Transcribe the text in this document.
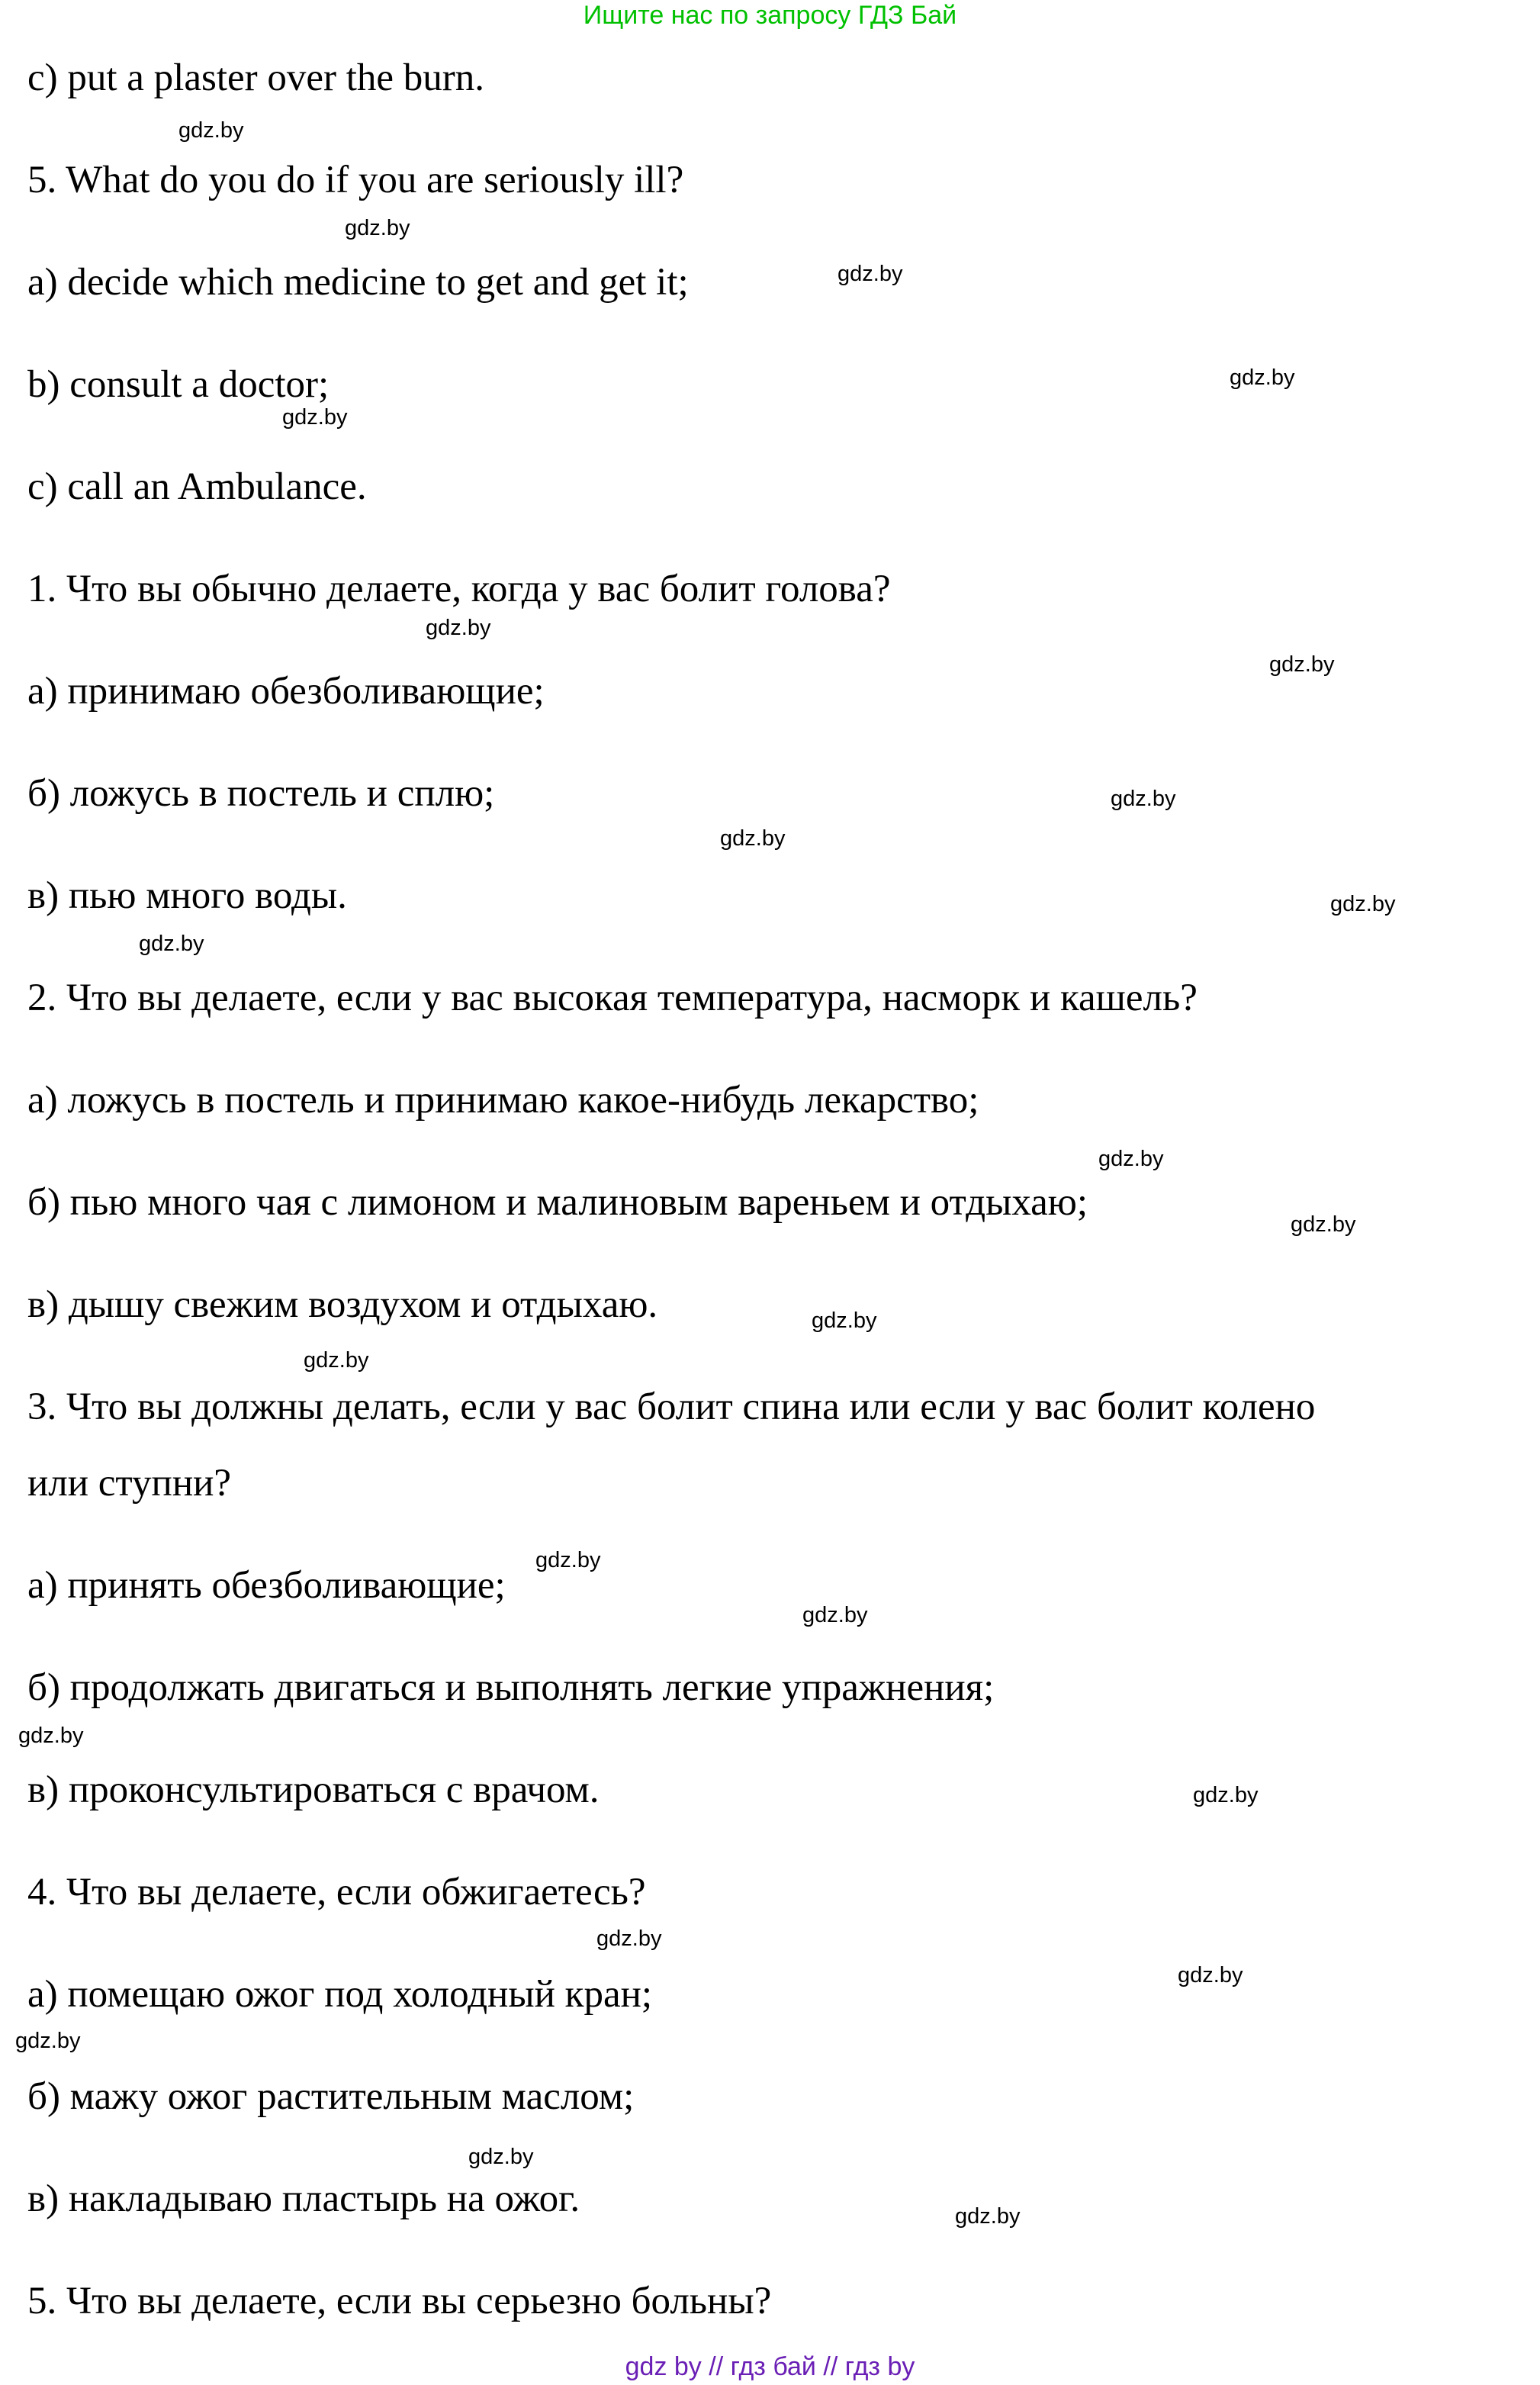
Ищите нас по запросу ГДЗ Бай
c) put a plaster over the burn.
5. What do you do if you are seriously ill?
a) decide which medicine to get and get it;
b) consult a doctor;
c) call an Ambulance.
1. Что вы обычно делаете, когда у вас болит голова?
а) принимаю обезболивающие;
б) ложусь в постель и сплю;
в) пью много воды.
2. Что вы делаете, если у вас высокая температура, насморк и кашель?
а) ложусь в постель и принимаю какое-нибудь лекарство;
б) пью много чая с лимоном и малиновым вареньем и отдыхаю;
в) дышу свежим воздухом и отдыхаю.
3. Что вы должны делать, если у вас болит спина или если у вас болит колено
или ступни?
а) принять обезболивающие;
б) продолжать двигаться и выполнять легкие упражнения;
в) проконсультироваться с врачом.
4. Что вы делаете, если обжигаетесь?
а) помещаю ожог под холодный кран;
б) мажу ожог растительным маслом;
в) накладываю пластырь на ожог.
5. Что вы делаете, если вы серьезно больны?
gdz.by
gdz.by
gdz.by
gdz.by
gdz.by
gdz.by
gdz.by
gdz.by
gdz.by
gdz.by
gdz.by
gdz.by
gdz.by
gdz.by
gdz.by
gdz.by
gdz.by
gdz.by
gdz.by
gdz.by
gdz.by
gdz.by
gdz.by
gdz.by
gdz by // гдз бай // гдз by
